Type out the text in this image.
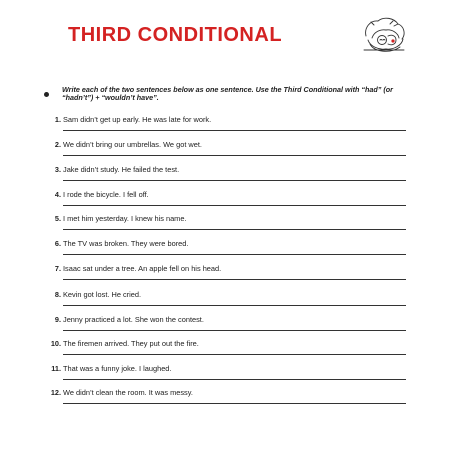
THIRD CONDITIONAL
Write each of the two sentences below as one sentence. Use the Third Conditional with “had” (or “hadn’t”) + “wouldn’t have”.
1. Sam didn’t get up early. He was late for work.
2. We didn’t bring our umbrellas. We got wet.
3. Jake didn’t study. He failed the test.
4. I rode the bicycle. I fell off.
5. I met him yesterday. I knew his name.
6. The TV was broken. They were bored.
7. Isaac sat under a tree. An apple fell on his head.
8. Kevin got lost. He cried.
9. Jenny practiced a lot. She won the contest.
10. The firemen arrived. They put out the fire.
11. That was a funny joke. I laughed.
12. We didn’t clean the room. It was messy.
